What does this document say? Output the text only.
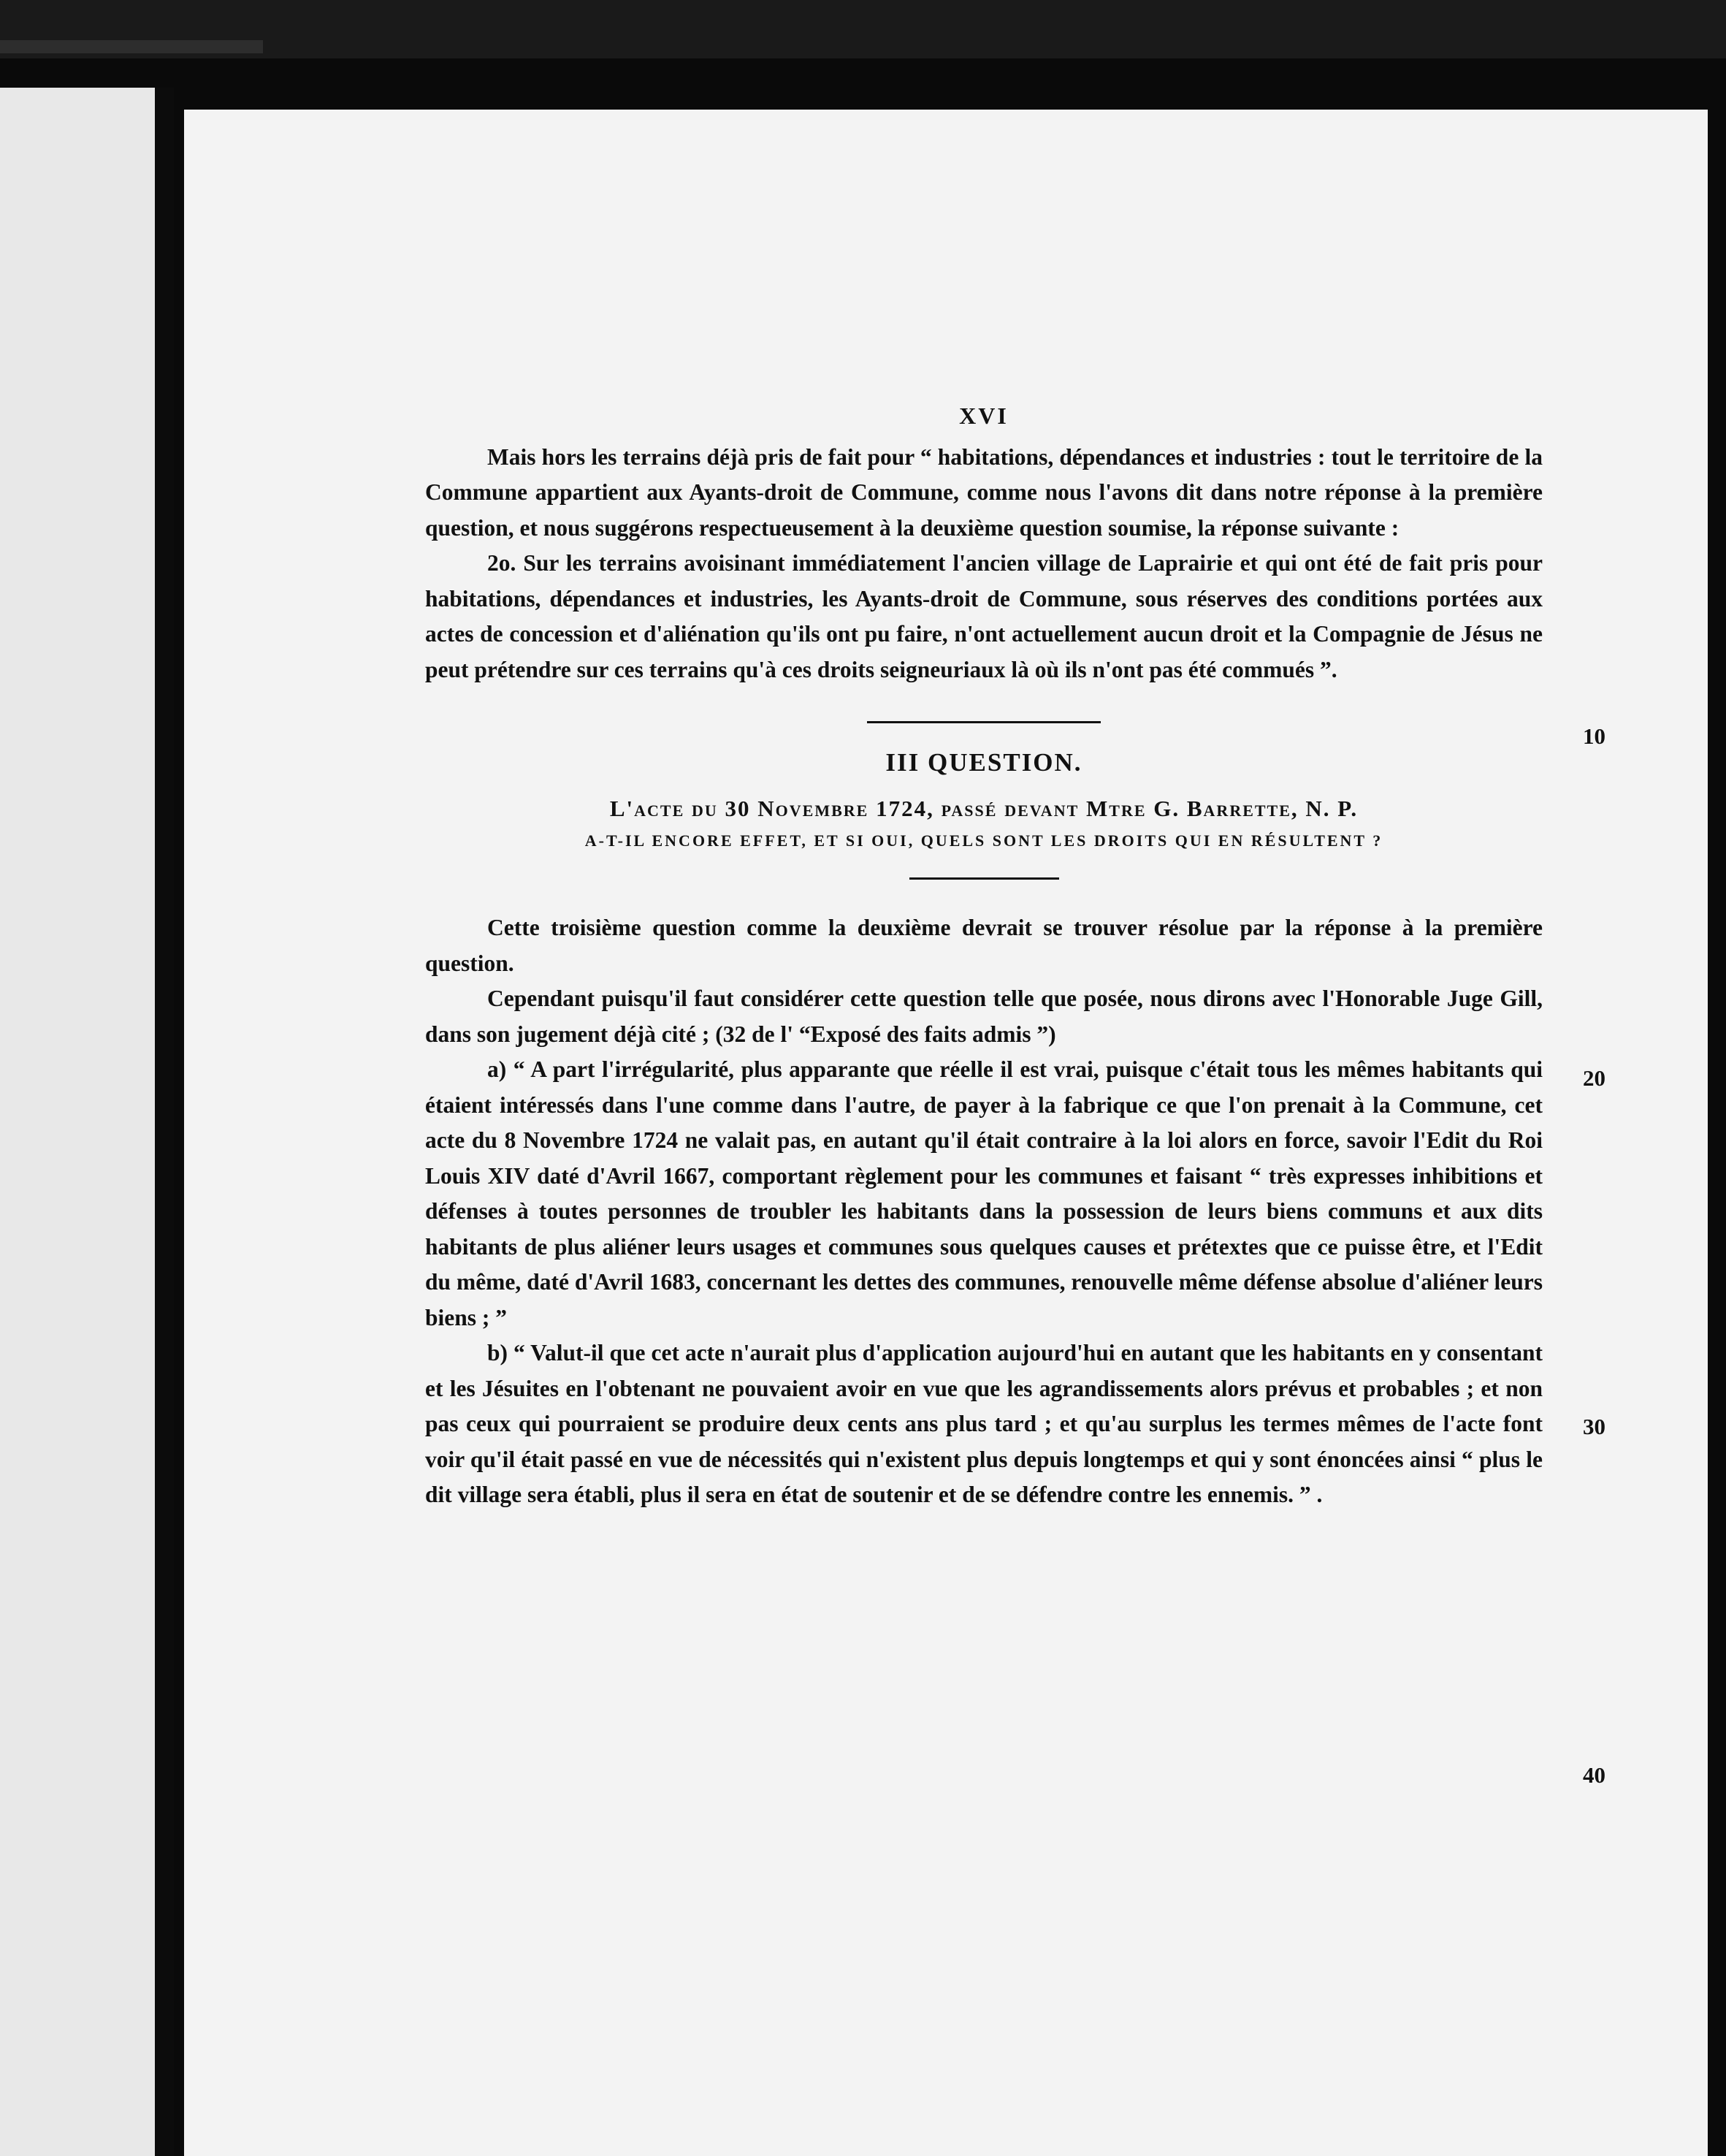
XVI

Mais hors les terrains déjà pris de fait pour “ habitations, dépendances et industries : tout le territoire de la Commune appartient aux Ayants-droit de Commune, comme nous l'avons dit dans notre réponse à la première question, et nous suggérons respectueusement à la deuxième question soumise, la réponse suivante :

2o. Sur les terrains avoisinant immédiatement l'ancien village de Laprairie et qui ont été de fait pris pour habitations, dépendances et industries, les Ayants-droit de Commune, sous réserves des conditions portées aux actes de concession et d'aliénation qu'ils ont pu faire, n'ont actuellement aucun droit et la Compagnie de Jésus ne peut prétendre sur ces terrains qu'à ces droits seigneuriaux là où ils n'ont pas été commués ”.

III QUESTION.
L'acte du 30 Novembre 1724, passé devant Mtre G. Barrette, N. P.
A-T-IL ENCORE EFFET, ET SI OUI, QUELS SONT LES DROITS QUI EN RÉSULTENT ?

Cette troisième question comme la deuxième devrait se trouver résolue par la réponse à la première question.

Cependant puisqu'il faut considérer cette question telle que posée, nous dirons avec l'Honorable Juge Gill, dans son jugement déjà cité ; (32 de l' “Exposé des faits admis ”)

a) “ A part l'irrégularité, plus apparante que réelle il est vrai, puisque c'était tous les mêmes habitants qui étaient intéressés dans l'une comme dans l'autre, de payer à la fabrique ce que l'on prenait à la Commune, cet acte du 8 Novembre 1724 ne valait pas, en autant qu'il était contraire à la loi alors en force, savoir l'Edit du Roi Louis XIV daté d'Avril 1667, comportant règlement pour les communes et faisant “ très expresses inhibitions et défenses à toutes personnes de troubler les habitants dans la possession de leurs biens communs et aux dits habitants de plus aliéner leurs usages et communes sous quelques causes et prétextes que ce puisse être, et l'Edit du même, daté d'Avril 1683, concernant les dettes des communes, renouvelle même défense absolue d'aliéner leurs biens ; ”

b) “ Valut-il que cet acte n'aurait plus d'application aujourd'hui en autant que les habitants en y consentant et les Jésuites en l'obtenant ne pouvaient avoir en vue que les agrandissements alors prévus et probables ; et non pas ceux qui pourraient se produire deux cents ans plus tard ; et qu'au surplus les termes mêmes de l'acte font voir qu'il était passé en vue de nécessités qui n'existent plus depuis longtemps et qui y sont énoncées ainsi “ plus le dit village sera établi, plus il sera en état de soutenir et de se défendre contre les ennemis. ” .

10
20
30
40
